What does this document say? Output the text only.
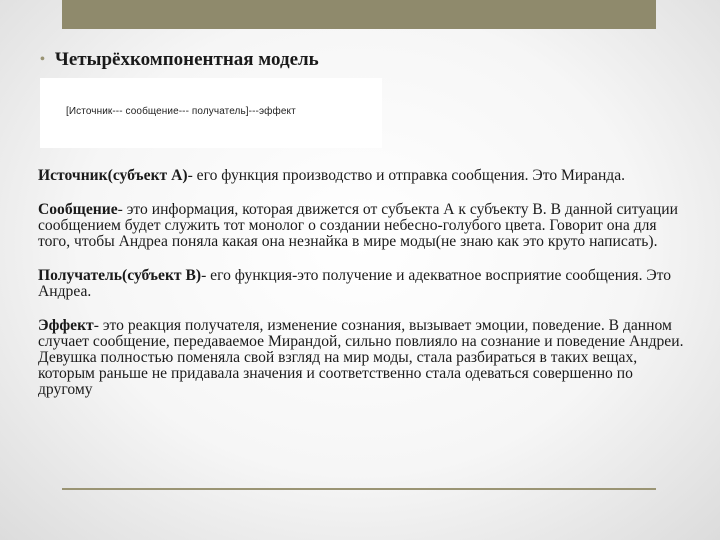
• Четырёхкомпонентная модель
[Источник--- сообщение--- получатель]---эффект

Источник(субъект А)- его функция производство и отправка сообщения. Это Миранда.

Сообщение- это информация, которая движется от субъекта А к субъекту В. В данной ситуации сообщением будет служить тот монолог о создании небесно-голубого цвета. Говорит она для того, чтобы Андреа поняла какая она незнайка в мире моды(не знаю как это круто написать).

Получатель(субъект В)- его функция-это получение и адекватное восприятие сообщения. Это Андреа.

Эффект- это реакция получателя, изменение сознания, вызывает эмоции, поведение. В данном случает сообщение, передаваемое Мирандой, сильно повлияло на сознание и поведение Андреи. Девушка полностью поменяла свой взгляд на мир моды, стала разбираться в таких вещах, которым раньше не придавала значения и соответственно стала одеваться совершенно по другому
